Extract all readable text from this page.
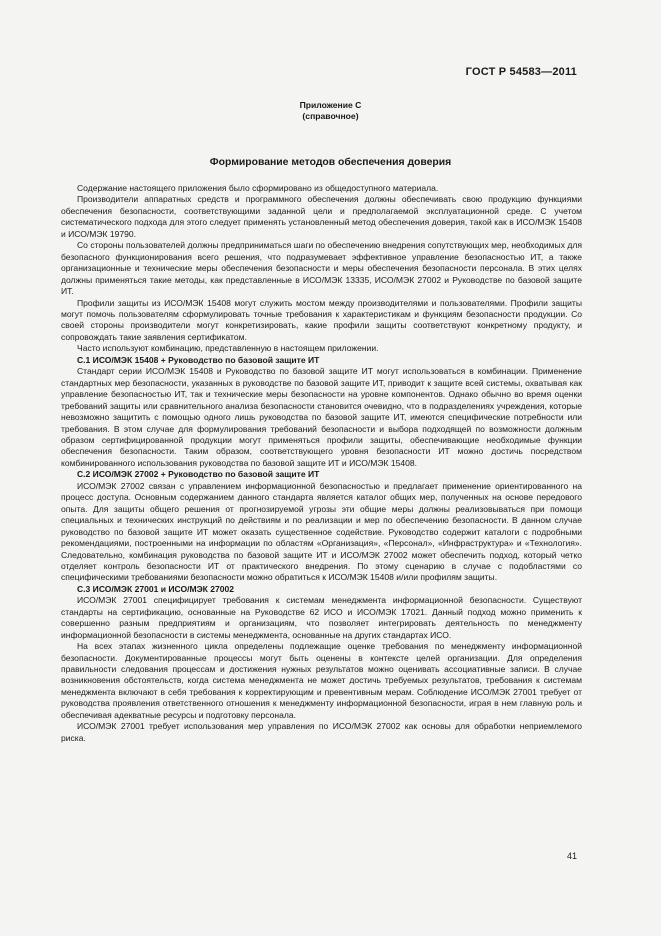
ГОСТ Р 54583—2011
Приложение С
(справочное)
Формирование методов обеспечения доверия

Содержание настоящего приложения было сформировано из общедоступного материала.

Производители аппаратных средств и программного обеспечения должны обеспечивать свою продукцию функциями обеспечения безопасности, соответствующими заданной цели и предполагаемой эксплуатационной среде. С учетом систематического подхода для этого следует применять установленный метод обеспечения доверия, такой как в ИСО/МЭК 15408 и ИСО/МЭК 19790.

Со стороны пользователей должны предприниматься шаги по обеспечению внедрения сопутствующих мер, необходимых для безопасного функционирования всего решения, что подразумевает эффективное управление безопасностью ИТ, а также организационные и технические меры обеспечения безопасности и меры обеспечения безопасности персонала. В этих целях должны применяться такие методы, как представленные в ИСО/МЭК 13335, ИСО/МЭК 27002 и Руководстве по базовой защите ИТ.

Профили защиты из ИСО/МЭК 15408 могут служить мостом между производителями и пользователями. Профили защиты могут помочь пользователям сформулировать точные требования к характеристикам и функциям безопасности продукции. Со своей стороны производители могут конкретизировать, какие профили защиты соответствуют конкретному продукту, и сопровождать такие заявления сертификатом.

Часто используют комбинацию, представленную в настоящем приложении.

С.1 ИСО/МЭК 15408 + Руководство по базовой защите ИТ

Стандарт серии ИСО/МЭК 15408 и Руководство по базовой защите ИТ могут использоваться в комбинации. Применение стандартных мер безопасности, указанных в руководстве по базовой защите ИТ, приводит к защите всей системы, охватывая как управление безопасностью ИТ, так и технические меры безопасности на уровне компонентов. Однако обычно во время оценки требований защиты или сравнительного анализа безопасности становится очевидно, что в подразделениях учреждения, которые невозможно защитить с помощью одного лишь руководства по базовой защите ИТ, имеются специфические потребности или требования. В этом случае для формулирования требований безопасности и выбора подходящей по возможности должным образом сертифицированной продукции могут применяться профили защиты, обеспечивающие необходимые функции обеспечения безопасности. Таким образом, соответствующего уровня безопасности ИТ можно достичь посредством комбинированного использования руководства по базовой защите ИТ и ИСО/МЭК 15408.

С.2 ИСО/МЭК 27002 + Руководство по базовой защите ИТ

ИСО/МЭК 27002 связан с управлением информационной безопасностью и предлагает применение ориентированного на процесс доступа. Основным содержанием данного стандарта является каталог общих мер, полученных на основе передового опыта. Для защиты общего решения от прогнозируемой угрозы эти общие меры должны реализовываться при помощи специальных и технических инструкций по действиям и по реализации и мер по обеспечению безопасности. В данном случае руководство по базовой защите ИТ может оказать существенное содействие. Руководство содержит каталоги с подробными рекомендациями, построенными на информации по областям «Организация», «Персонал», «Инфраструктура» и «Технология». Следовательно, комбинация руководства по базовой защите ИТ и ИСО/МЭК 27002 может обеспечить подход, который четко отделяет контроль безопасности ИТ от практического внедрения. По этому сценарию в случае с подобластями со специфическими требованиями безопасности можно обратиться к ИСО/МЭК 15408 и/или профилям защиты.

С.3 ИСО/МЭК 27001 и ИСО/МЭК 27002

ИСО/МЭК 27001 специфицирует требования к системам менеджмента информационной безопасности. Существуют стандарты на сертификацию, основанные на Руководстве 62 ИСО и ИСО/МЭК 17021. Данный подход можно применить к совершенно разным предприятиям и организациям, что позволяет интегрировать деятельность по менеджменту информационной безопасности в системы менеджмента, основанные на других стандартах ИСО.

На всех этапах жизненного цикла определены подлежащие оценке требования по менеджменту информационной безопасности. Документированные процессы могут быть оценены в контексте целей организации. Для определения правильности следования процессам и достижения нужных результатов можно оценивать ассоциативные записи. В случае возникновения обстоятельств, когда система менеджмента не может достичь требуемых результатов, требования к системам менеджмента включают в себя требования к корректирующим и превентивным мерам. Соблюдение ИСО/МЭК 27001 требует от руководства проявления ответственного отношения к менеджменту информационной безопасности, играя в нем главную роль и обеспечивая адекватные ресурсы и подготовку персонала.

ИСО/МЭК 27001 требует использования мер управления по ИСО/МЭК 27002 как основы для обработки неприемлемого риска.

41
